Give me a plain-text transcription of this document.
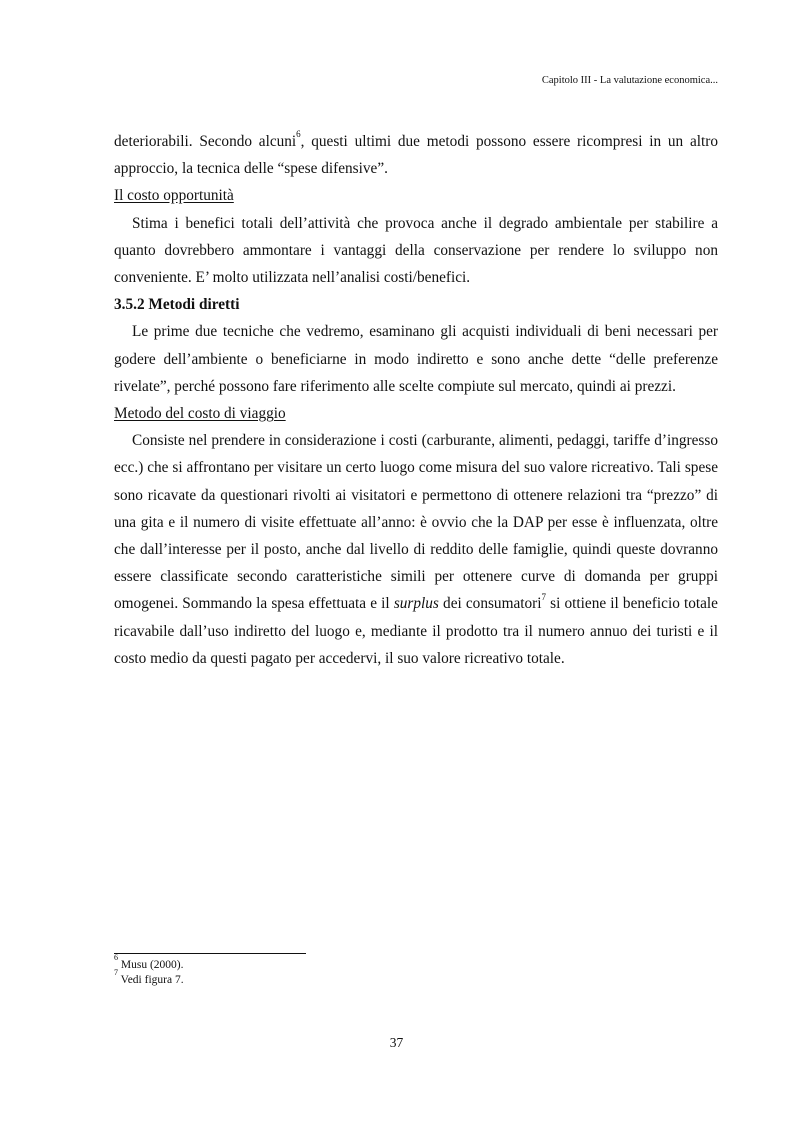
Capitolo III - La valutazione economica...

deteriorabili. Secondo alcuni$^6$, questi ultimi due metodi possono essere ricompresi in un altro approccio, la tecnica delle “spese difensive”.

Il costo opportunità

Stima i benefici totali dell’attività che provoca anche il degrado ambientale per stabilire a quanto dovrebbero ammontare i vantaggi della conservazione per rendere lo sviluppo non conveniente. E’ molto utilizzata nell’analisi costi/benefici.

3.5.2 Metodi diretti

Le prime due tecniche che vedremo, esaminano gli acquisti individuali di beni necessari per godere dell’ambiente o beneficiarne in modo indiretto e sono anche dette “delle preferenze rivelate”, perché possono fare riferimento alle scelte compiute sul mercato, quindi ai prezzi.

Metodo del costo di viaggio

Consiste nel prendere in considerazione i costi (carburante, alimenti, pedaggi, tariffe d’ingresso ecc.) che si affrontano per visitare un certo luogo come misura del suo valore ricreativo. Tali spese sono ricavate da questionari rivolti ai visitatori e permettono di ottenere relazioni tra “prezzo” di una gita e il numero di visite effettuate all’anno: è ovvio che la DAP per esse è influenzata, oltre che dall’interesse per il posto, anche dal livello di reddito delle famiglie, quindi queste dovranno essere classificate secondo caratteristiche simili per ottenere curve di domanda per gruppi omogenei. Sommando la spesa effettuata e il surplus dei consumatori$^7$ si ottiene il beneficio totale ricavabile dall’uso indiretto del luogo e, mediante il prodotto tra il numero annuo dei turisti e il costo medio da questi pagato per accedervi, il suo valore ricreativo totale.

$^6$ Musu (2000).
$^7$ Vedi figura 7.
37
